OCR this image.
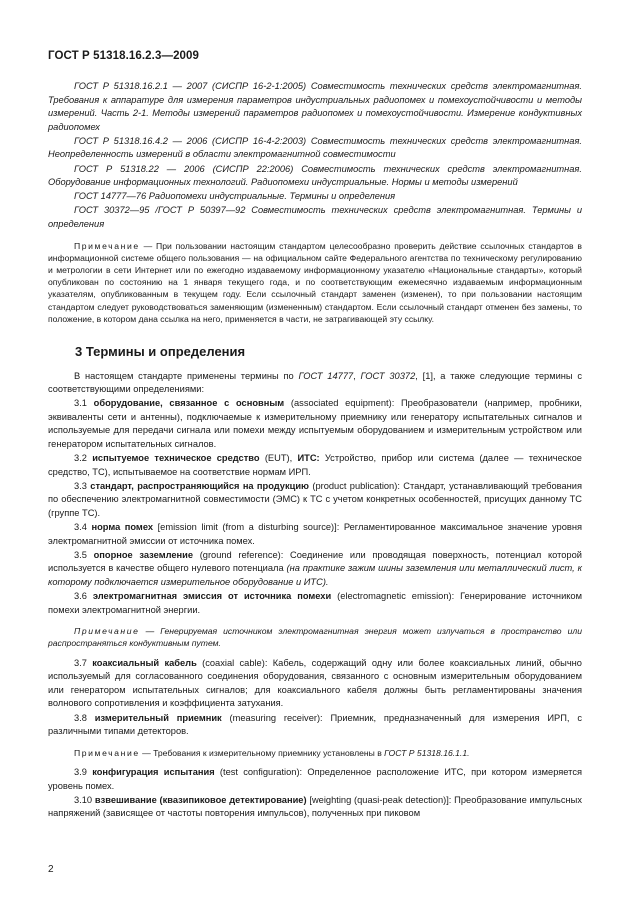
ГОСТ Р 51318.16.2.3—2009

ГОСТ Р 51318.16.2.1 — 2007 (СИСПР 16-2-1:2005) Совместимость технических средств электромагнитная. Требования к аппаратуре для измерения параметров индустриальных радиопомех и помехоустойчивости и методы измерений. Часть 2-1. Методы измерений параметров радиопомех и помехоустойчивости. Измерение кондуктивных радиопомех

ГОСТ Р 51318.16.4.2 — 2006 (СИСПР 16-4-2:2003) Совместимость технических средств электромагнитная. Неопределенность измерений в области электромагнитной совместимости

ГОСТ Р 51318.22 — 2006 (СИСПР 22:2006) Совместимость технических средств электромагнитная. Оборудование информационных технологий. Радиопомехи индустриальные. Нормы и методы измерений

ГОСТ 14777—76 Радиопомехи индустриальные. Термины и определения

ГОСТ 30372—95 /ГОСТ Р 50397—92 Совместимость технических средств электромагнитная. Термины и определения

Примечание — При пользовании настоящим стандартом целесообразно проверить действие ссылочных стандартов в информационной системе общего пользования — на официальном сайте Федерального агентства по техническому регулированию и метрологии в сети Интернет или по ежегодно издаваемому информационному указателю «Национальные стандарты», который опубликован по состоянию на 1 января текущего года, и по соответствующим ежемесячно издаваемым информационным указателям, опубликованным в текущем году. Если ссылочный стандарт заменен (изменен), то при пользовании настоящим стандартом следует руководствоваться заменяющим (измененным) стандартом. Если ссылочный стандарт отменен без замены, то положение, в котором дана ссылка на него, применяется в части, не затрагивающей эту ссылку.

3 Термины и определения

В настоящем стандарте применены термины по ГОСТ 14777, ГОСТ 30372, [1], а также следующие термины с соответствующими определениями:

3.1 оборудование, связанное с основным (associated equipment): Преобразователи (например, пробники, эквиваленты сети и антенны), подключаемые к измерительному приемнику или генератору испытательных сигналов и используемые для передачи сигнала или помехи между испытуемым оборудованием и измерительным устройством или генератором испытательных сигналов.

3.2 испытуемое техническое средство (EUT), ИТС: Устройство, прибор или система (далее — техническое средство, ТС), испытываемое на соответствие нормам ИРП.

3.3 стандарт, распространяющийся на продукцию (product publication): Стандарт, устанавливающий требования по обеспечению электромагнитной совместимости (ЭМС) к ТС с учетом конкретных особенностей, присущих данному ТС (группе ТС).

3.4 норма помех [emission limit (from a disturbing source)]: Регламентированное максимальное значение уровня электромагнитной эмиссии от источника помех.

3.5 опорное заземление (ground reference): Соединение или проводящая поверхность, потенциал которой используется в качестве общего нулевого потенциала (на практике зажим шины заземления или металлический лист, к которому подключается измерительное оборудование и ИТС).

3.6 электромагнитная эмиссия от источника помехи (electromagnetic emission): Генерирование источником помехи электромагнитной энергии.

Примечание — Генерируемая источником электромагнитная энергия может излучаться в пространство или распространяться кондуктивным путем.

3.7 коаксиальный кабель (coaxial cable): Кабель, содержащий одну или более коаксиальных линий, обычно используемый для согласованного соединения оборудования, связанного с основным измерительным оборудованием или генератором испытательных сигналов; для коаксиального кабеля должны быть регламентированы значения волнового сопротивления и коэффициента затухания.

3.8 измерительный приемник (measuring receiver): Приемник, предназначенный для измерения ИРП, с различными типами детекторов.

Примечание — Требования к измерительному приемнику установлены в ГОСТ Р 51318.16.1.1.

3.9 конфигурация испытания (test configuration): Определенное расположение ИТС, при котором измеряется уровень помех.

3.10 взвешивание (квазипиковое детектирование) [weighting (quasi-peak detection)]: Преобразование импульсных напряжений (зависящее от частоты повторения импульсов), полученных при пиковом

2
